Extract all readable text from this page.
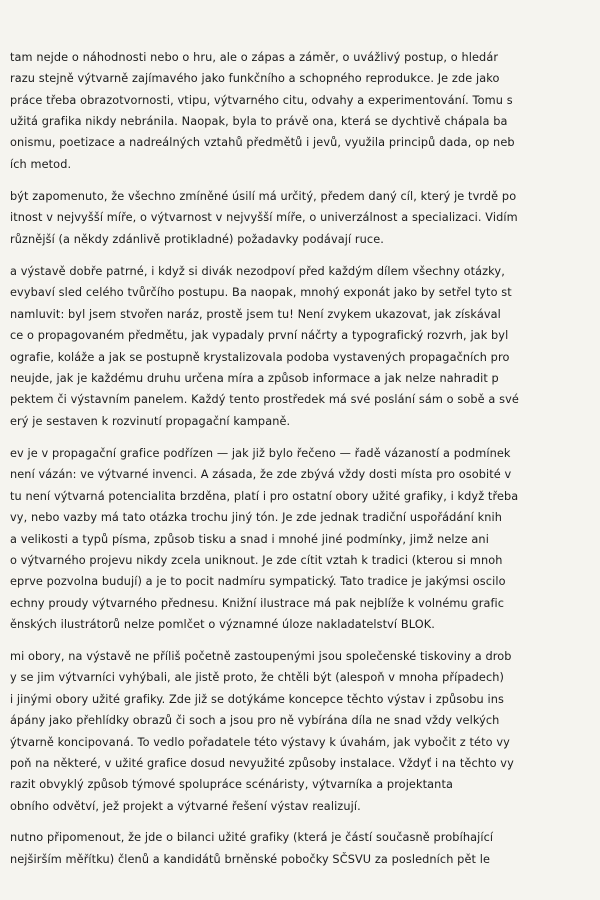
tam nejde o náhodnosti nebo o hru, ale o zápas a záměr, o uvážlivý postup, o hledár
razu stejně výtvarně zajímavého jako funkčního a schopného reprodukce. Je zde jako
práce třeba obrazotvornosti, vtipu, výtvarného citu, odvahy a experimentování. Tomu s
užitá grafika nikdy nebránila. Naopak, byla to právě ona, která se dychtivě chápala ba
onismu, poetizace a nadreálných vztahů předmětů i jevů, využila principů dada, op neb
ích metod.
být zapomenuto, že všechno zmíněné úsilí má určitý, předem daný cíl, který je tvrdě po
itnost v nejvyšší míře, o výtvarnost v nejvyšší míře, o univerzálnost a specializaci. Vidím
různější (a někdy zdánlivě protikladné) požadavky podávají ruce.
a výstavě dobře patrné, i když si divák nezodpoví před každým dílem všechny otázky,
evybaví sled celého tvůrčího postupu. Ba naopak, mnohý exponát jako by setřel tyto st
namluvit: byl jsem stvořen naráz, prostě jsem tu! Není zvykem ukazovat, jak získával
ce o propagovaném předmětu, jak vypadaly první náčrty a typografický rozvrh, jak byl
ografie, koláže a jak se postupně krystalizovala podoba vystavených propagačních pro
neujde, jak je každému druhu určena míra a způsob informace a jak nelze nahradit p
pektem či výstavním panelem. Každý tento prostředek má své poslání sám o sobě a své
erý je sestaven k rozvinutí propagační kampaně.
ev je v propagační grafice podřízen — jak již bylo řečeno — řadě vázaností a podmínek
není vázán: ve výtvarné invenci. A zásada, že zde zbývá vždy dosti místa pro osobité v
tu není výtvarná potencialita brzděna, platí i pro ostatní obory užité grafiky, i když třeba
vy, nebo vazby má tato otázka trochu jiný tón. Je zde jednak tradiční uspořádání knih
a velikosti a typů písma, způsob tisku a snad i mnohé jiné podmínky, jimž nelze ani
o výtvarného projevu nikdy zcela uniknout. Je zde cítit vztah k tradici (kterou si mnoh
eprve pozvolna budují) a je to pocit nadmíru sympatický. Tato tradice je jakýmsi oscilo
echny proudy výtvarného přednesu. Knižní ilustrace má pak nejblíže k volnému grafic
ěnských ilustrátorů nelze pomlčet o významné úloze nakladatelství BLOK.
mi obory, na výstavě ne příliš početně zastoupenými jsou společenské tiskoviny a drob
y se jim výtvarníci vyhýbali, ale jistě proto, že chtěli být (alespoň v mnoha případech)
i jinými obory užité grafiky. Zde již se dotýkáme koncepce těchto výstav i způsobu ins
ápány jako přehlídky obrazů či soch a jsou pro ně vybírána díla ne snad vždy velkých
ýtvarně koncipovaná. To vedlo pořadatele této výstavy k úvahám, jak vybočit z této vy
poň na některé, v užité grafice dosud nevyužité způsoby instalace. Vždyť i na těchto vy
razit obvyklý způsob týmové spolupráce scénáristy, výtvarníka a projektanta
obního odvětví, jež projekt a výtvarné řešení výstav realizují.
nutno připomenout, že jde o bilanci užité grafiky (která je částí současně probíhající
nejširším měřítku) členů a kandidátů brněnské pobočky SČSVU za posledních pět le
